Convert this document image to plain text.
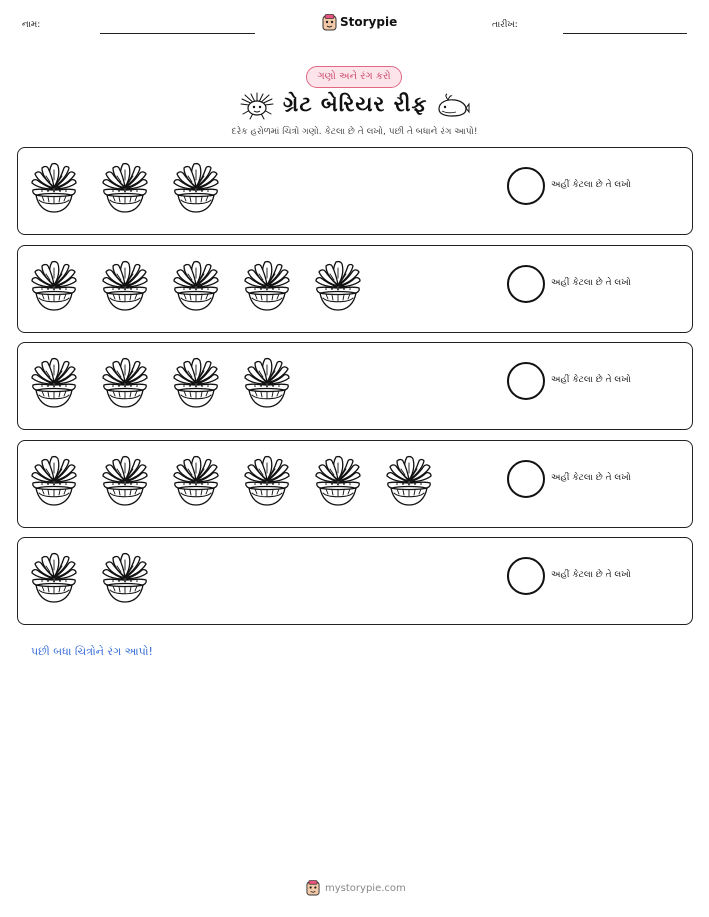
નામ:	Storypie	તારીખ:
ગણો અને રંગ કરો
ગ્રેટ બેરિયર રીફ
દરેક હરોળમાં ચિત્રો ગણો. કેટલા છે તે લખો, પછી તે બધાને રંગ આપો!
અહીં કેટલા છે તે લખો
અહીં કેટલા છે તે લખો
અહીં કેટલા છે તે લખો
અહીં કેટલા છે તે લખો
અહીં કેટલા છે તે લખો
પછી બધા ચિત્રોને રંગ આપો!
mystorypie.com
